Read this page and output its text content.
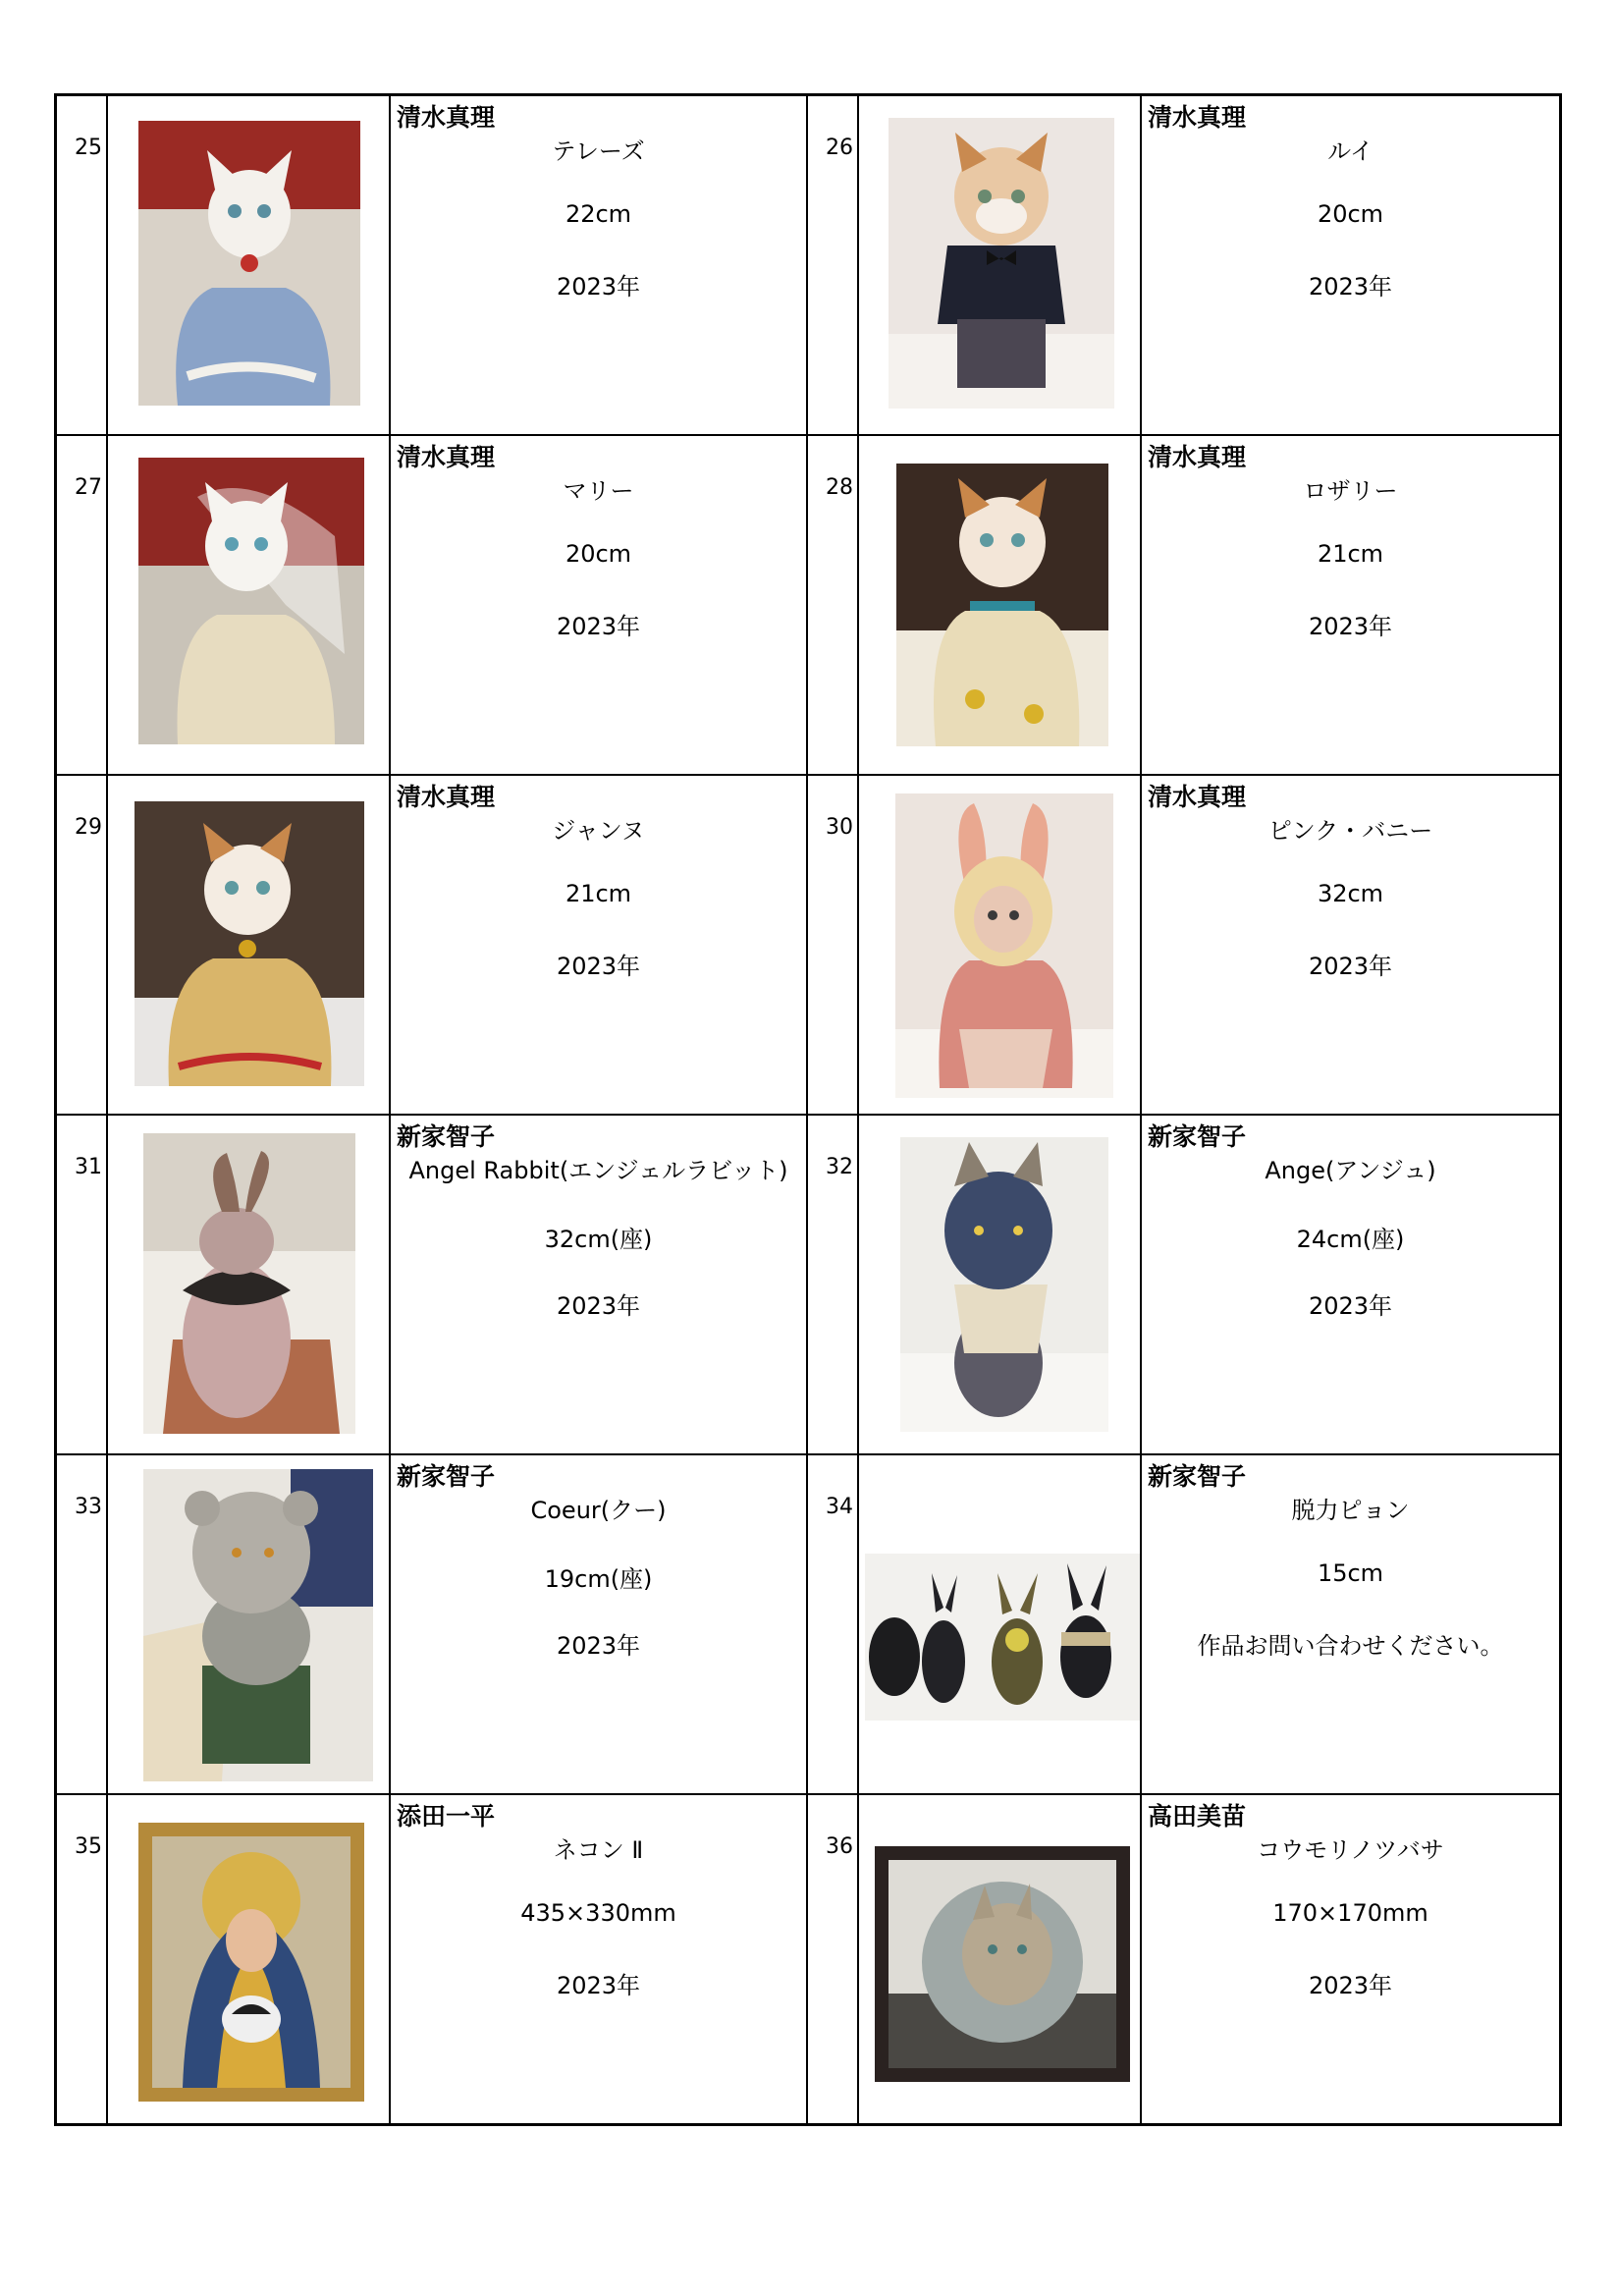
25
清水真理
テレーズ
22cm
2023年
26
清水真理
ルイ
20cm
2023年
27
清水真理
マリー
20cm
2023年
28
清水真理
ロザリー
21cm
2023年
29
清水真理
ジャンヌ
21cm
2023年
30
清水真理
ピンク・バニー
32cm
2023年
31
新家智子
Angel Rabbit(エンジェルラビット)
32cm(座)
2023年
32
新家智子
Ange(アンジュ)
24cm(座)
2023年
33
新家智子
Coeur(クー)
19cm(座)
2023年
34
新家智子
脱力ピョン
15cm
作品お問い合わせください。
35
添田一平
ネコン Ⅱ
435×330mm
2023年
36
高田美苗
コウモリノツバサ
170×170mm
2023年
